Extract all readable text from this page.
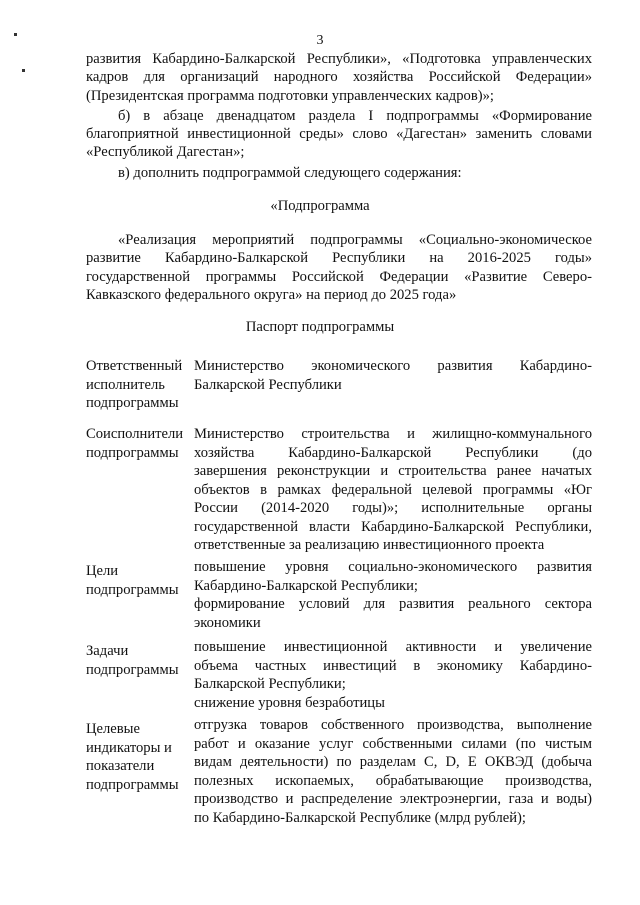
3

развития Кабардино-Балкарской Республики», «Подготовка управленческих кадров для организаций народного хозяйства Российской Федерации» (Президентская программа подготовки управленческих кадров)»;

б) в абзаце двенадцатом раздела I подпрограммы «Формирование благоприятной инвестиционной среды» слово «Дагестан» заменить словами «Республикой Дагестан»;

в) дополнить подпрограммой следующего содержания:

«Подпрограмма

«Реализация мероприятий подпрограммы «Социально-экономическое развитие Кабардино-Балкарской Республики на 2016-2025 годы» государственной программы Российской Федерации «Развитие Северо-Кавказского федерального округа» на период до 2025 года»

Паспорт подпрограммы
Ответственный
исполнитель
подпрограммы
Министерство экономического развития Кабардино-
Балкарской Республики
Соисполнители
подпрограммы
Министерство строительства и жилищно-коммунального
хозяйства Кабардино-Балкарской Республики (до
завершения реконструкции и строительства ранее начатых
объектов в рамках федеральной целевой программы «Юг
России (2014-2020 годы)»; исполнительные органы
государственной власти Кабардино-Балкарской Республики,
ответственные за реализацию инвестиционного проекта
Цели
подпрограммы
повышение уровня социально-экономического развития
Кабардино-Балкарской Республики;
формирование условий для развития реального сектора
экономики
Задачи
подпрограммы
повышение инвестиционной активности и увеличение
объема частных инвестиций в экономику Кабардино-
Балкарской Республики;
снижение уровня безработицы
Целевые
индикаторы и
показатели
подпрограммы
отгрузка товаров собственного производства, выполнение
работ и оказание услуг собственными силами (по чистым
видам деятельности) по разделам C, D, E ОКВЭД (добыча
полезных ископаемых, обрабатывающие производства,
производство и распределение электроэнергии, газа и воды)
по Кабардино-Балкарской Республике (млрд рублей);
